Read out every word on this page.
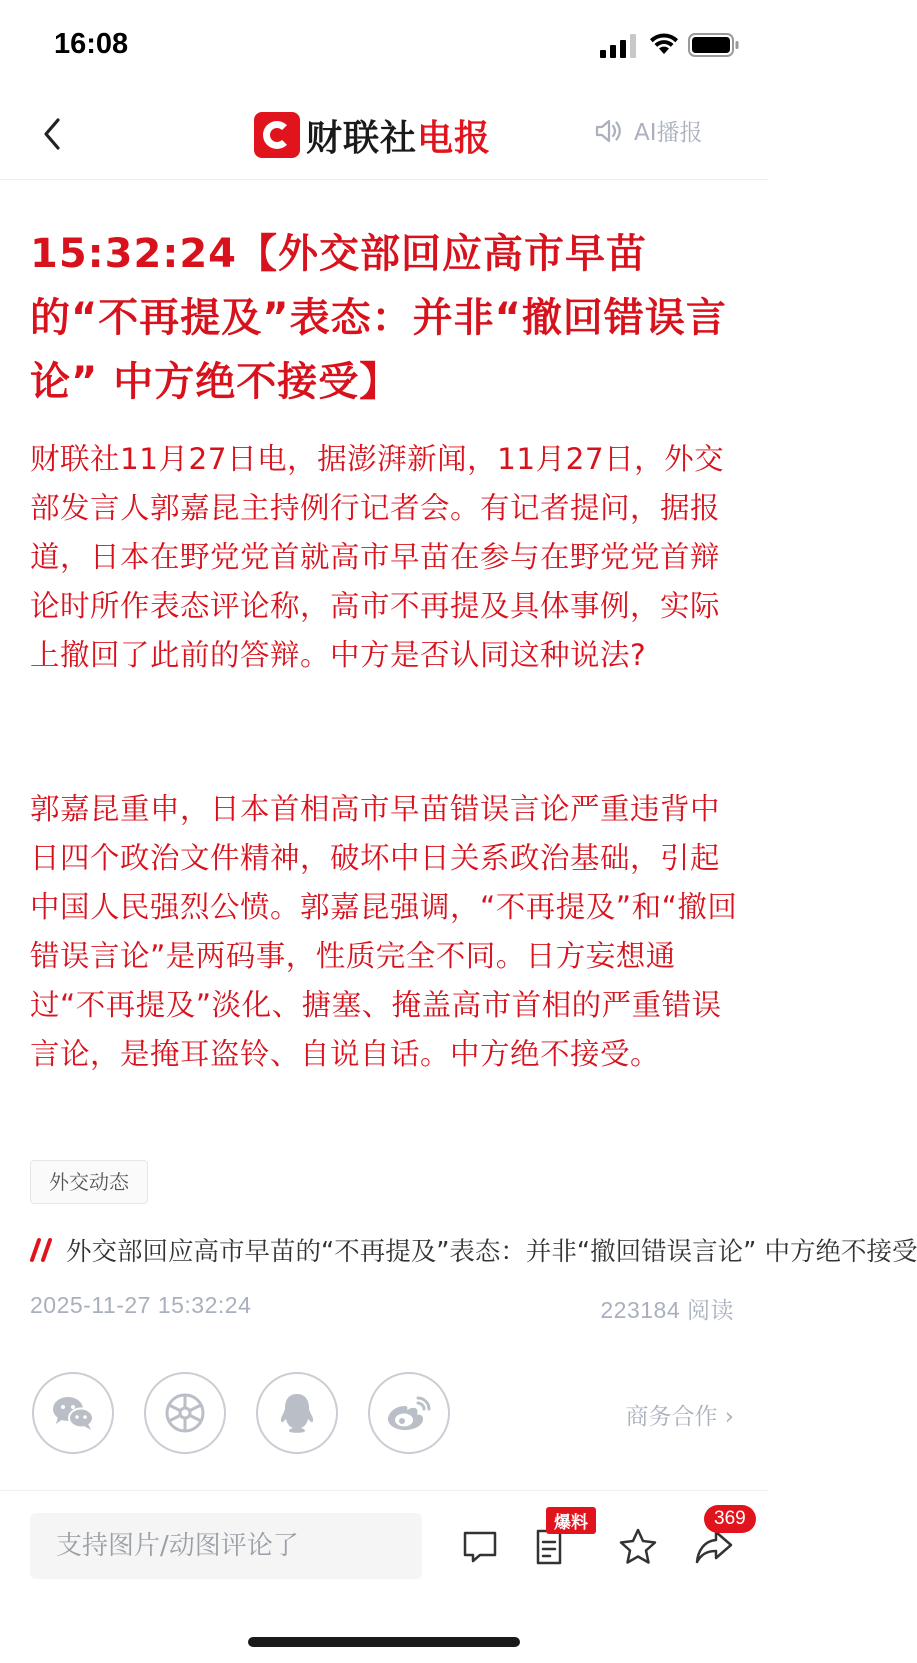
16:08
财联社电报	AI播报
15:32:24【外交部回应高市早苗的“不再提及”表态：并非“撤回错误言论” 中方绝不接受】

财联社11月27日电，据澎湃新闻，11月27日，外交部发言人郭嘉昆主持例行记者会。有记者提问，据报道，日本在野党党首就高市早苗在参与在野党党首辩论时所作表态评论称，高市不再提及具体事例，实际上撤回了此前的答辩。中方是否认同这种说法?

郭嘉昆重申，日本首相高市早苗错误言论严重违背中日四个政治文件精神，破坏中日关系政治基础，引起中国人民强烈公愤。郭嘉昆强调，“不再提及”和“撤回错误言论”是两码事，性质完全不同。日方妄想通过“不再提及”淡化、搪塞、掩盖高市首相的严重错误言论，是掩耳盗铃、自说自话。中方绝不接受。

外交动态
外交部回应高市早苗的“不再提及”表态：并非“撤回错误言论” 中方绝不接受
2025-11-27 15:32:24	223184 阅读
商务合作 ›
支持图片/动图评论了
爆料	369
